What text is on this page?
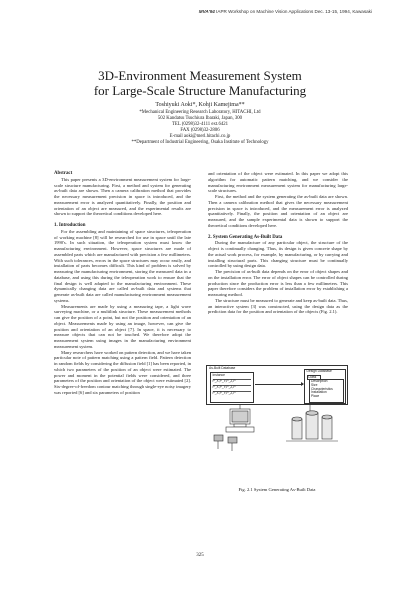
MVA'94 IAPR Workshop on Machine Vision Applications Dec. 13-15, 1994, Kawasaki
3D-Environment Measurement System
for Large-Scale Structure Manufacturing
Toshiyuki Aoki*, Kohji Kamejima**
*Mechanical Engineering Research Laboratory, HITACHI, Ltd
502 Kandatsu Tsuchiura Ibaraki, Japan, 300
TEL (0298)32-4111 ext.6421
FAX (0298)32-2806
E-mail aoki@merl.hitachi.co.jp
**Department of Industrial Engineering, Osaka Institute of Technology

Abstract

This paper presents a 3D-environment measurement system for large-scale structure manufacturing. First, a method and system for generating as-built data are shown. Then a camera calibration method that provides the necessary measurement precision in space is introduced, and the measurement error is analyzed quantitatively. Finally, the position and orientation of an object are measured, and the experimental results are shown to support the theoretical conditions developed here.

1. Introduction

For the assembling and maintaining of space structures, teleoperation of working machine [8] will be researched for use in space until the late 1990's. In such situation, the teleoperation system must know the manufacturing environment. However, space structures are made of assembled parts which are manufactured with precision a few millimeters. With such tolerances, errors in the space structures may occur easily, and installation of parts becomes difficult. This kind of problem is solved by measuring the manufacturing environment, storing the measured data in a database, and using this during the teleoperation work to ensure that the final design is well adapted to the manufacturing environment. These dynamically changing data are called as-built data and systems that generate as-built data are called manufacturing environment measurement systems.

Measurements are made by using a measuring tape, a light wave surveying machine, or a multilink structure. These measurement methods can give the position of a point, but not the position and orientation of an object. Measurements made by using an image, however, can give the position and orientation of an object [7]. In space, it is necessary to measure objects that can not be touched. We therefore adopt the measurement system using images in the manufacturing environment measurement system.

Many researchers have worked on pattern detection, and we have taken particular note of pattern matching using a pattern field. Pattern detection in random fields by considering the diffusion field [1] has been reported, in which two parameters of the position of an object were estimated. The power and moment in the potential fields were considered, and three parameters of the position and orientation of the object were estimated [2]. Six-degree-of-freedom contour matching through single-eye noisy imagery was reported [6] and six parameters of position

and orientation of the object were estimated. In this paper we adopt this algorithm for automatic pattern matching, and we consider the manufacturing environment measurement system for manufacturing large-scale structures.

First, the method and the system generating the as-built data are shown. Then a camera calibration method that gives the necessary measurement precision in space is introduced, and the measurement error is analyzed quantitatively. Finally, the position and orientation of an object are measured, and the sample experimental data is shown to support the theoretical conditions developed here.

2. System Generating As-Built Data

During the manufacture of any particular object, the structure of the object is continually changing. Thus, its design is given concrete shape by the actual work process, for example, by manufacturing, or by carrying and installing structural parts. This changing structure must be continually controlled by using design data.

The precision of as-built data depends on the error of object shapes and on the installation error. The error of object shapes can be controlled during production since the production error is less than a few millimeters. This paper therefore considers the problem of installation error by establishing a measuring method.

The structure must be measured to generate and keep as-built data. Thus, an interactive system [3] was constructed, using the design data as the prediction data for the position and orientation of the objects (Fig. 2.1).

As-Built Database
Instance
P_X,P_Y,P_Z,P
P_X,P_Y,P_Z,P
P_X,P_Y,P_Z,P
Design Database
Class
Description
Size
Characteristics
Installation
Place
Fig. 2.1 System Generating As-Built Data
325
